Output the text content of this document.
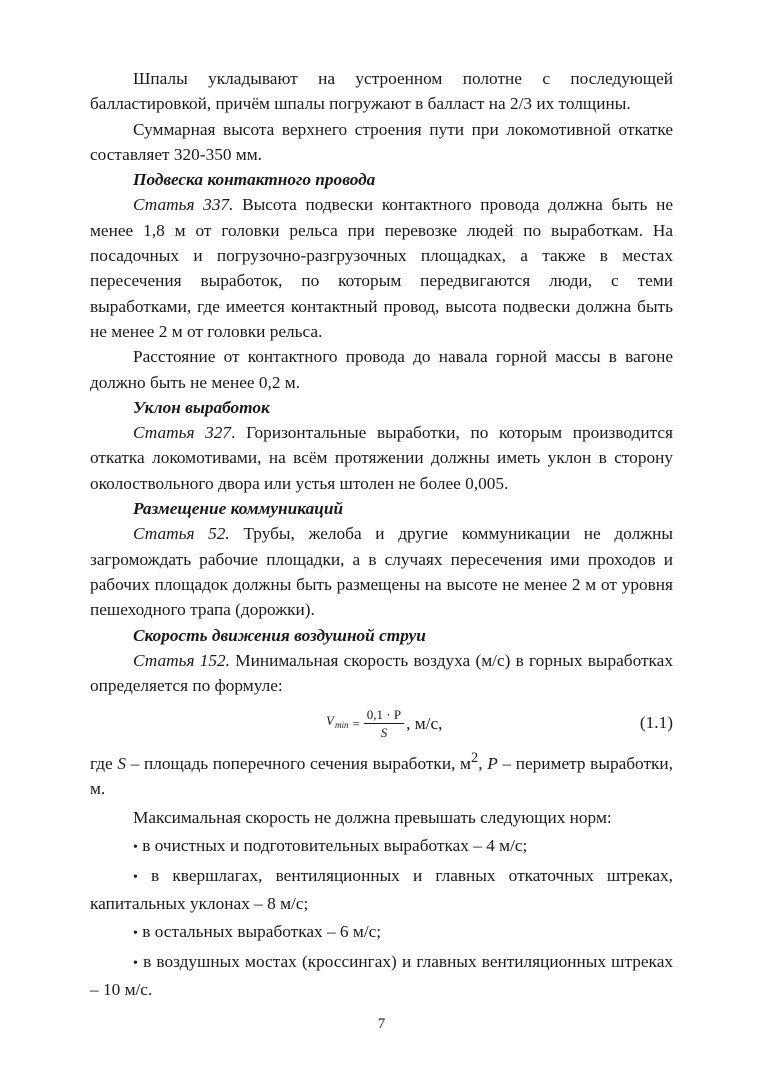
Шпалы укладывают на устроенном полотне с последующей балластировкой, причём шпалы погружают в балласт на 2/3 их толщины.

Суммарная высота верхнего строения пути при локомотивной откатке составляет 320-350 мм.

Подвеска контактного провода

Статья 337. Высота подвески контактного провода должна быть не менее 1,8 м от головки рельса при перевозке людей по выработкам. На посадочных и погрузочно-разгрузочных площадках, а также в местах пересечения выработок, по которым передвигаются люди, с теми выработками, где имеется контактный провод, высота подвески должна быть не менее 2 м от головки рельса.

Расстояние от контактного провода до навала горной массы в вагоне должно быть не менее 0,2 м.

Уклон выработок

Статья 327. Горизонтальные выработки, по которым производится откатка локомотивами, на всём протяжении должны иметь уклон в сторону околоствольного двора или устья штолен не более 0,005.

Размещение коммуникаций

Статья 52. Трубы, желоба и другие коммуникации не должны загромождать рабочие площадки, а в случаях пересечения ими проходов и рабочих площадок должны быть размещены на высоте не менее 2 м от уровня пешеходного трапа (дорожки).

Скорость движения воздушной струи

Статья 152. Минимальная скорость воздуха (м/с) в горных выработках определяется по формуле:

$V_{min} = \frac{0,1 \cdot P}{S}$ , м/с,	(1.1)

где S – площадь поперечного сечения выработки, $м^2$, P – периметр выработки, м.

Максимальная скорость не должна превышать следующих норм:

• в очистных и подготовительных выработках – 4 м/с;

• в квершлагах, вентиляционных и главных откаточных штреках, капитальных уклонах – 8 м/с;

• в остальных выработках – 6 м/с;

• в воздушных мостах (кроссингах) и главных вентиляционных штреках – 10 м/с.

7
